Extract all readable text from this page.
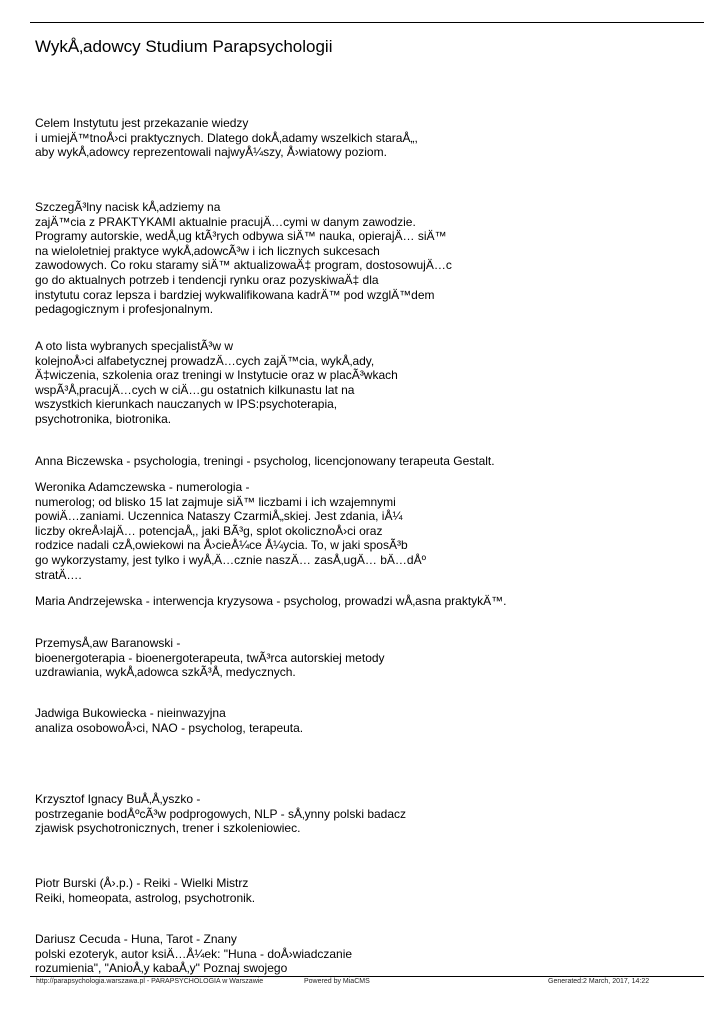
WykÅ‚adowcy Studium Parapsychologii
Celem Instytutu jest przekazanie wiedzy
i umiejÄ™tnoÅ›ci praktycznych. Dlatego dokÅ‚adamy wszelkich staraÅ„,
aby wykÅ‚adowcy reprezentowali najwyÅ¼szy, Å›wiatowy poziom.
SzczegÃ³lny nacisk kÅ‚adziemy na
zajÄ™cia z PRAKTYKAMI aktualnie pracujÄ…cymi w danym zawodzie.
Programy autorskie, wedÅ‚ug ktÃ³rych odbywa siÄ™ nauka, opierajÄ… siÄ™
na wieloletniej praktyce wykÅ‚adowcÃ³w i ich licznych sukcesach
zawodowych. Co roku staramy siÄ™ aktualizowaÄ‡ program, dostosowujÄ…c
go do aktualnych potrzeb i tendencji rynku oraz pozyskiwaÄ‡ dla
instytutu coraz lepsza i bardziej wykwalifikowana kadrÄ™ pod wzglÄ™dem
pedagogicznym i profesjonalnym.
A oto lista wybranych specjalistÃ³w w
kolejnoÅ›ci alfabetycznej prowadzÄ…cych zajÄ™cia, wykÅ‚ady,
Ä‡wiczenia, szkolenia oraz treningi w Instytucie oraz w placÃ³wkach
wspÃ³Å‚pracujÄ…cych w ciÄ…gu ostatnich kilkunastu lat na
wszystkich kierunkach nauczanych w IPS:psychoterapia,
psychotronika, biotronika.
Anna Biczewska - psychologia, treningi - psycholog, licencjonowany terapeuta Gestalt.
Weronika Adamczewska - numerologia -
numerolog; od blisko 15 lat zajmuje siÄ™ liczbami i ich wzajemnymi
powiÄ…zaniami. Uczennica Nataszy CzarmiÅ„skiej. Jest zdania, iÅ¼
liczby okreÅ›lajÄ… potencjaÅ‚, jaki BÃ³g, splot okolicznoÅ›ci oraz
rodzice nadali czÅ‚owiekowi na Å›cieÅ¼ce Å¼ycia. To, w jaki sposÃ³b
go wykorzystamy, jest tylko i wyÅ‚Ä…cznie naszÄ… zasÅ‚ugÄ… bÄ…dÅº
stratÄ….
Maria Andrzejewska - interwencja kryzysowa - psycholog, prowadzi wÅ‚asna praktykÄ™.
PrzemysÅ‚aw Baranowski -
bioenergoterapia - bioenergoterapeuta, twÃ³rca autorskiej metody
uzdrawiania, wykÅ‚adowca szkÃ³Å‚ medycznych.
Jadwiga Bukowiecka - nieinwazyjna
analiza osobowoÅ›ci, NAO - psycholog, terapeuta.
Krzysztof Ignacy BuÅ‚Å‚yszko -
postrzeganie bodÅºcÃ³w podprogowych, NLP - sÅ‚ynny polski badacz
zjawisk psychotronicznych, trener i szkoleniowiec.
Piotr Burski (Å›.p.) - Reiki - Wielki Mistrz
Reiki, homeopata, astrolog, psychotronik.
Dariusz Cecuda - Huna, Tarot - Znany
polski ezoteryk, autor ksiÄ…Å¼ek: "Huna - doÅ›wiadczanie
rozumienia", "AnioÅ‚y kabaÅ‚y" Poznaj swojego
http://parapsychologia.warszawa.pl - PARAPSYCHOLOGIA w Warszawie	Powered by MiaCMS	Generated:2 March, 2017, 14:22
